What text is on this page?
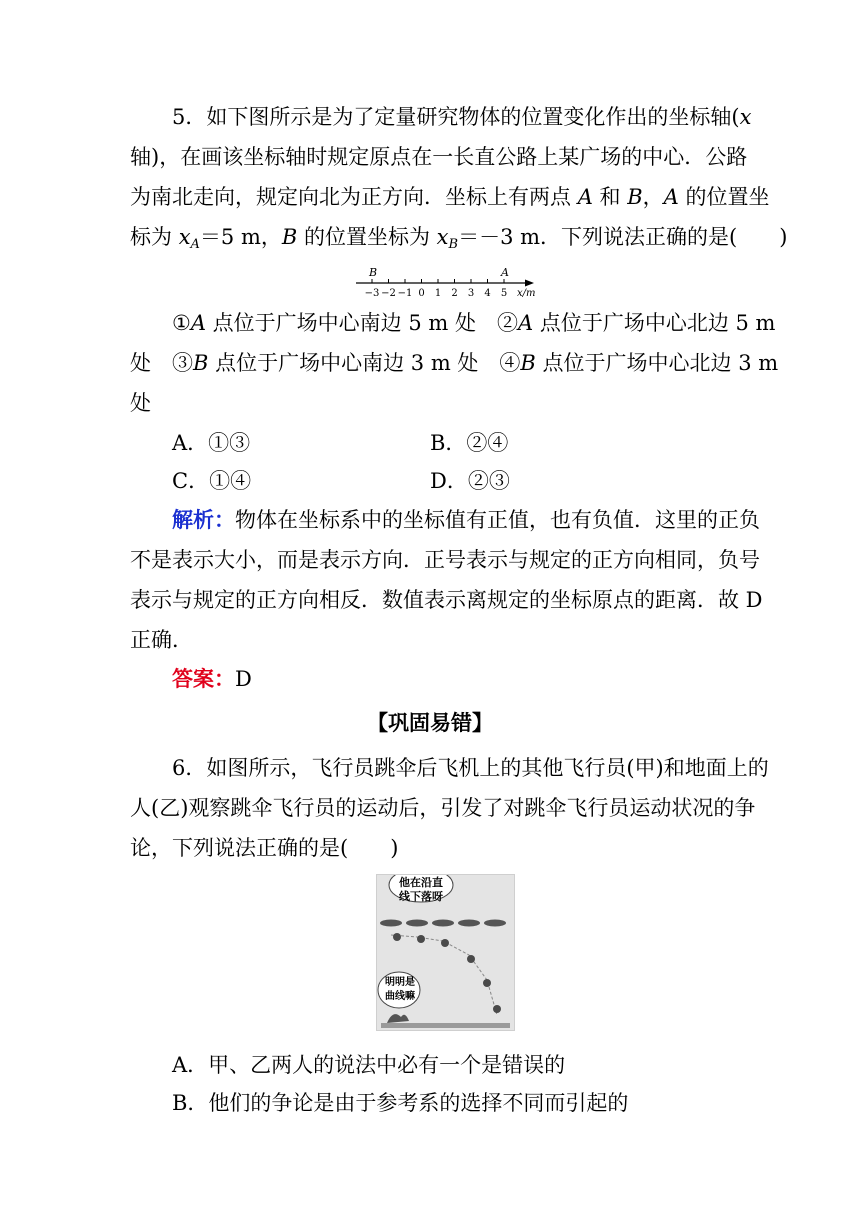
5．如下图所示是为了定量研究物体的位置变化作出的坐标轴(x
轴)，在画该坐标轴时规定原点在一长直公路上某广场的中心．公路
为南北走向，规定向北为正方向．坐标上有两点 A 和 B，A 的位置坐
标为 $x_A=5$ m，B 的位置坐标为 $x_B=-3$ m．下列说法正确的是(　　)
B	A
−3 −2 −1 0 1 2 3 4 5 x/m
①A 点位于广场中心南边 5 m 处　②A 点位于广场中心北边 5 m
处　③B 点位于广场中心南边 3 m 处　④B 点位于广场中心北边 3 m
处
A．①③	B．②④
C．①④	D．②③
解析：物体在坐标系中的坐标值有正值，也有负值．这里的正负
不是表示大小，而是表示方向．正号表示与规定的正方向相同，负号
表示与规定的正方向相反．数值表示离规定的坐标原点的距离．故 D
正确．
答案：D
【巩固易错】
6．如图所示，飞行员跳伞后飞机上的其他飞行员(甲)和地面上的
人(乙)观察跳伞飞行员的运动后，引发了对跳伞飞行员运动状况的争
论，下列说法正确的是(　　)
他在沿直
线下落呀
明明是
曲线嘛
A．甲、乙两人的说法中必有一个是错误的
B．他们的争论是由于参考系的选择不同而引起的
